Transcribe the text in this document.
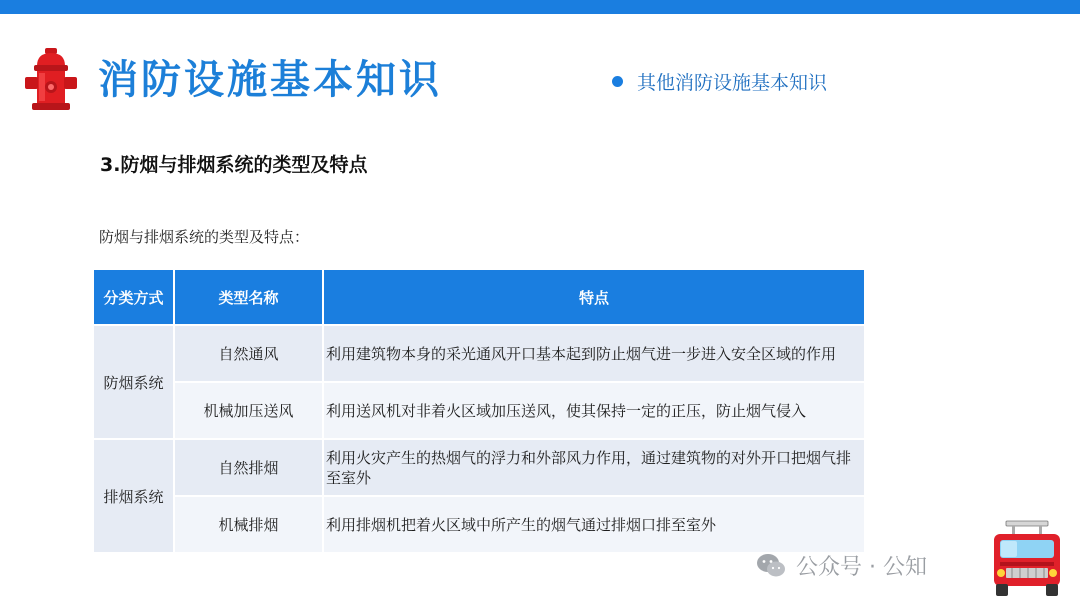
消防设施基本知识	其他消防设施基本知识
3.防烟与排烟系统的类型及特点
防烟与排烟系统的类型及特点：
分类方式	类型名称	特点
防烟系统	自然通风	利用建筑物本身的采光通风开口基本起到防止烟气进一步进入安全区域的作用
	机械加压送风	利用送风机对非着火区域加压送风，使其保持一定的正压，防止烟气侵入
排烟系统	自然排烟	利用火灾产生的热烟气的浮力和外部风力作用，通过建筑物的对外开口把烟气排至室外
	机械排烟	利用排烟机把着火区域中所产生的烟气通过排烟口排至室外
公众号 · 公知
